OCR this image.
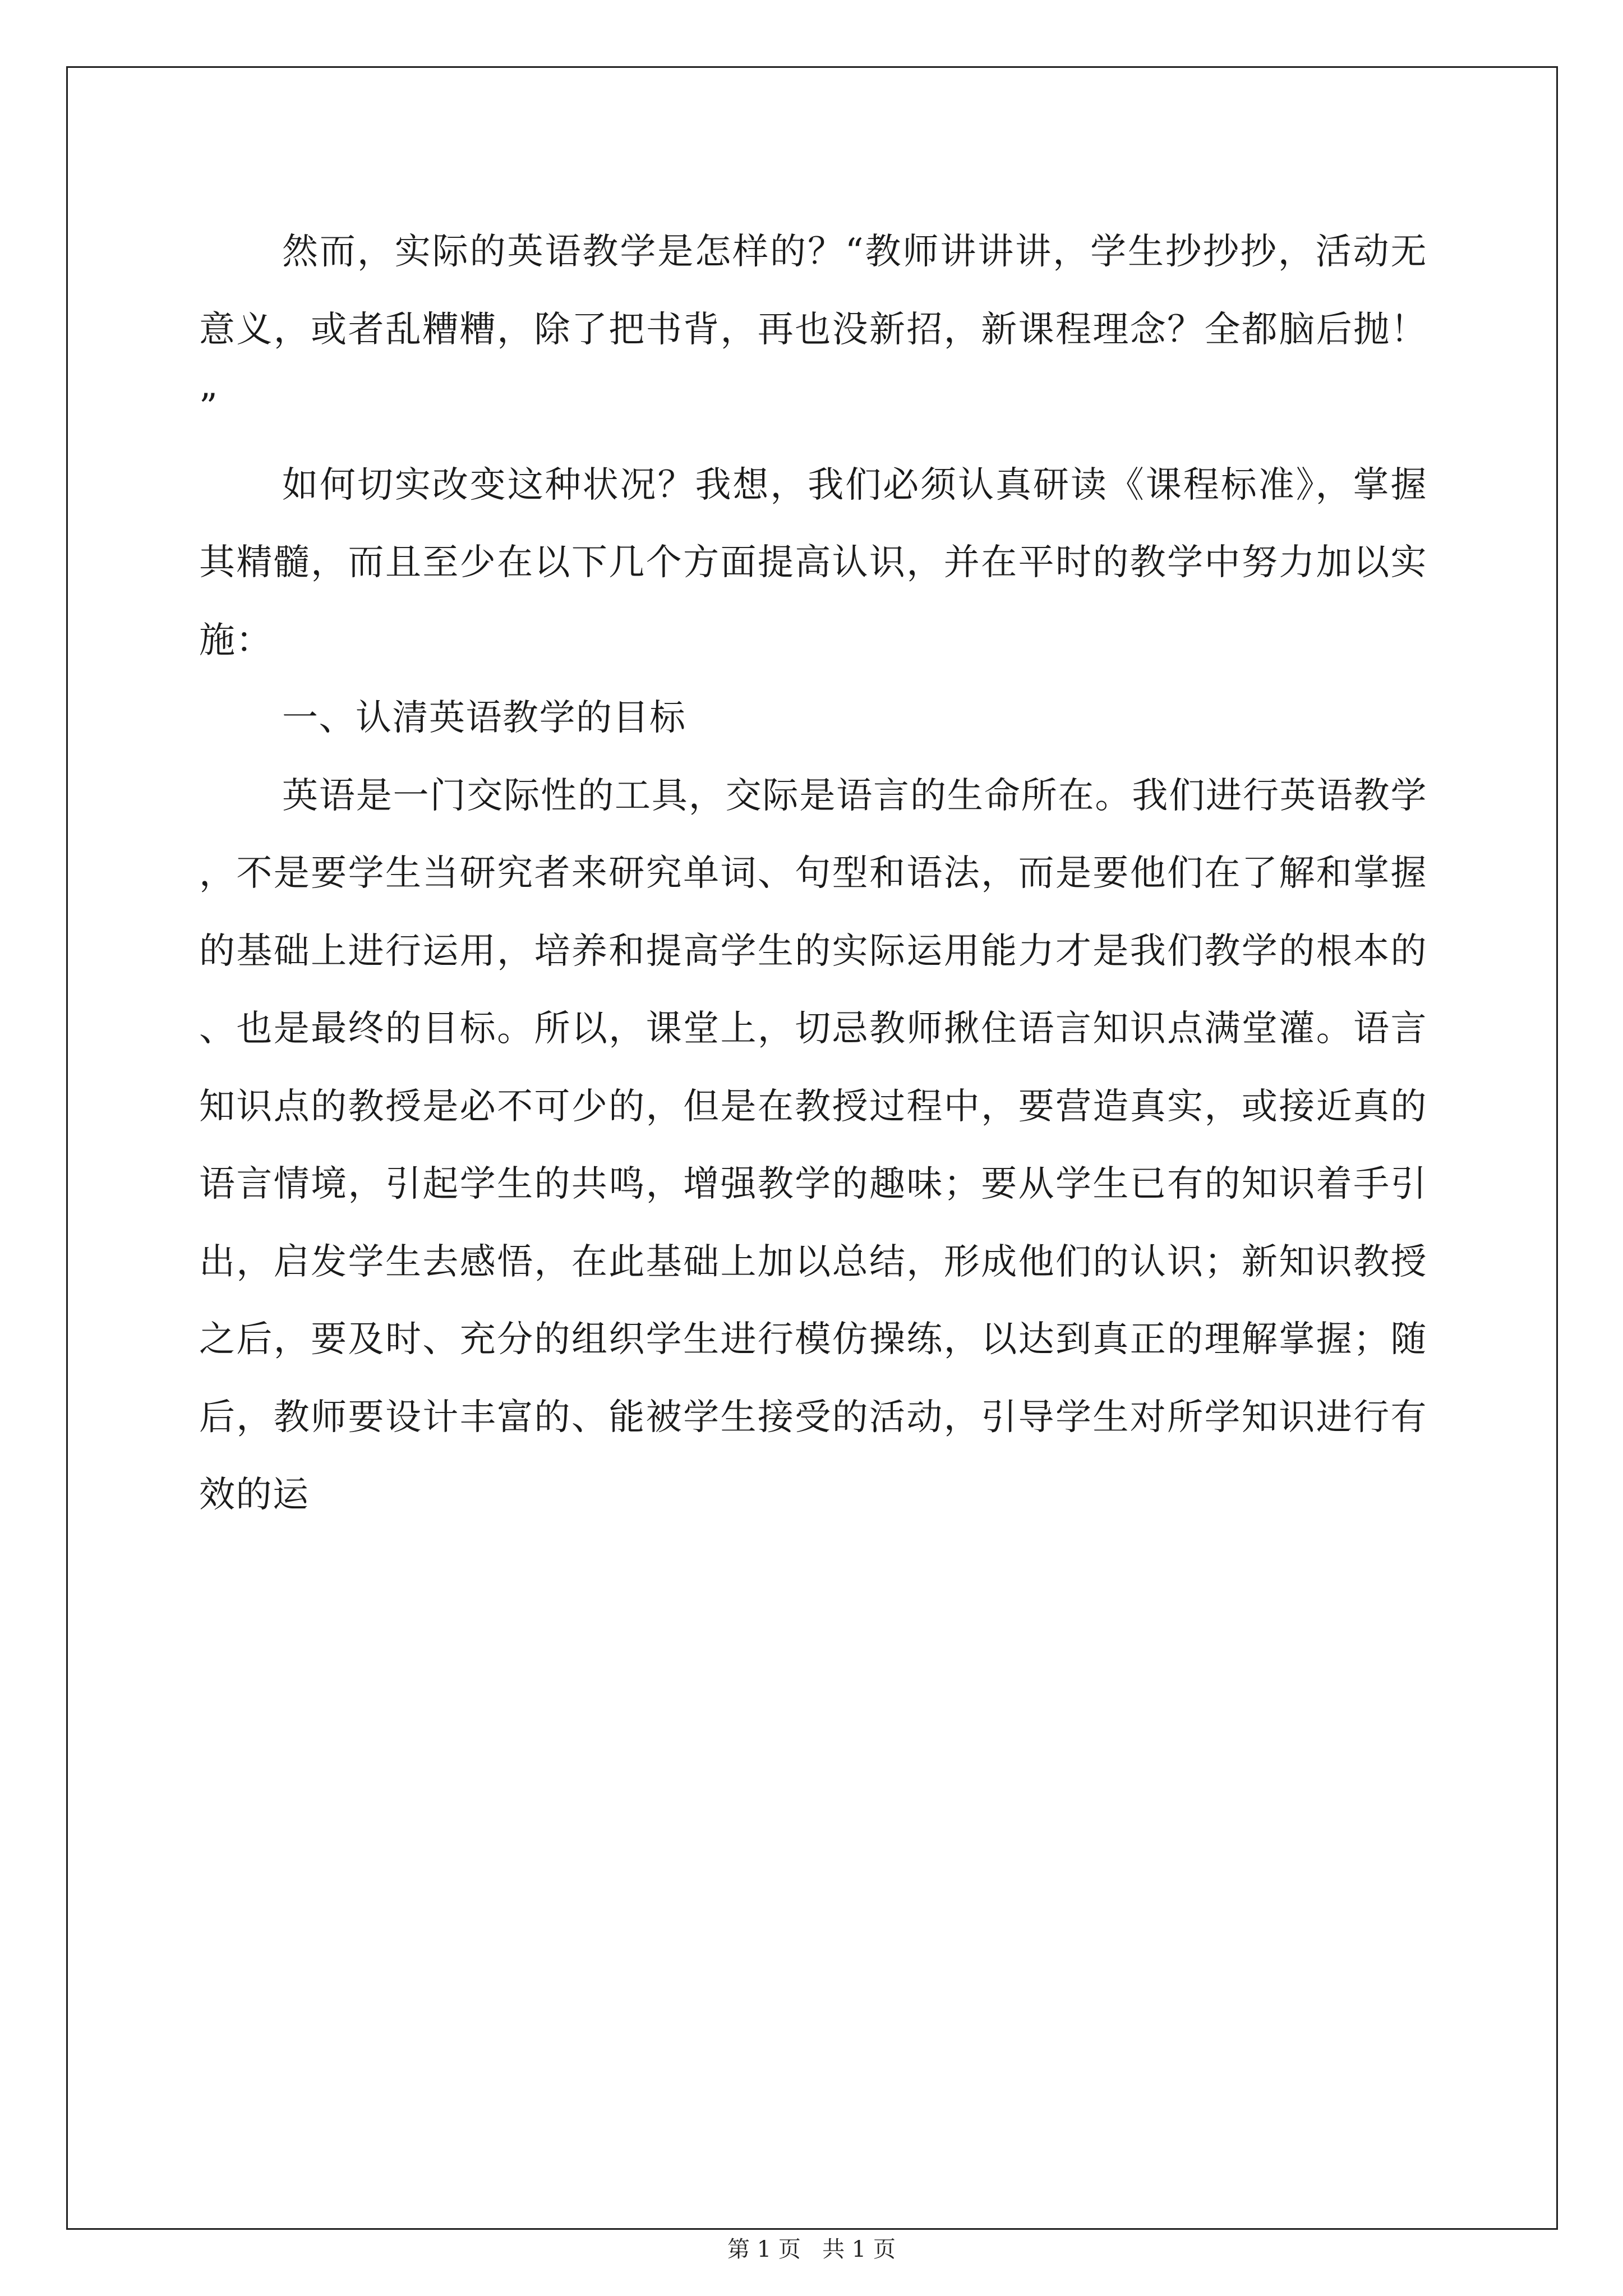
然而，实际的英语教学是怎样的？“教师讲讲讲，学生抄抄抄，活动无意义，或者乱糟糟，除了把书背，再也没新招，新课程理念？全都脑后抛！”

如何切实改变这种状况？我想，我们必须认真研读《课程标准》，掌握其精髓，而且至少在以下几个方面提高认识，并在平时的教学中努力加以实施：

一、认清英语教学的目标

英语是一门交际性的工具，交际是语言的生命所在。我们进行英语教学，不是要学生当研究者来研究单词、句型和语法，而是要他们在了解和掌握的基础上进行运用，培养和提高学生的实际运用能力才是我们教学的根本的、也是最终的目标。所以，课堂上，切忌教师揪住语言知识点满堂灌。语言知识点的教授是必不可少的，但是在教授过程中，要营造真实，或接近真的语言情境，引起学生的共鸣，增强教学的趣味；要从学生已有的知识着手引出，启发学生去感悟，在此基础上加以总结，形成他们的认识；新知识教授之后，要及时、充分的组织学生进行模仿操练，以达到真正的理解掌握；随后，教师要设计丰富的、能被学生接受的活动，引导学生对所学知识进行有效的运

第 1 页   共 1 页
